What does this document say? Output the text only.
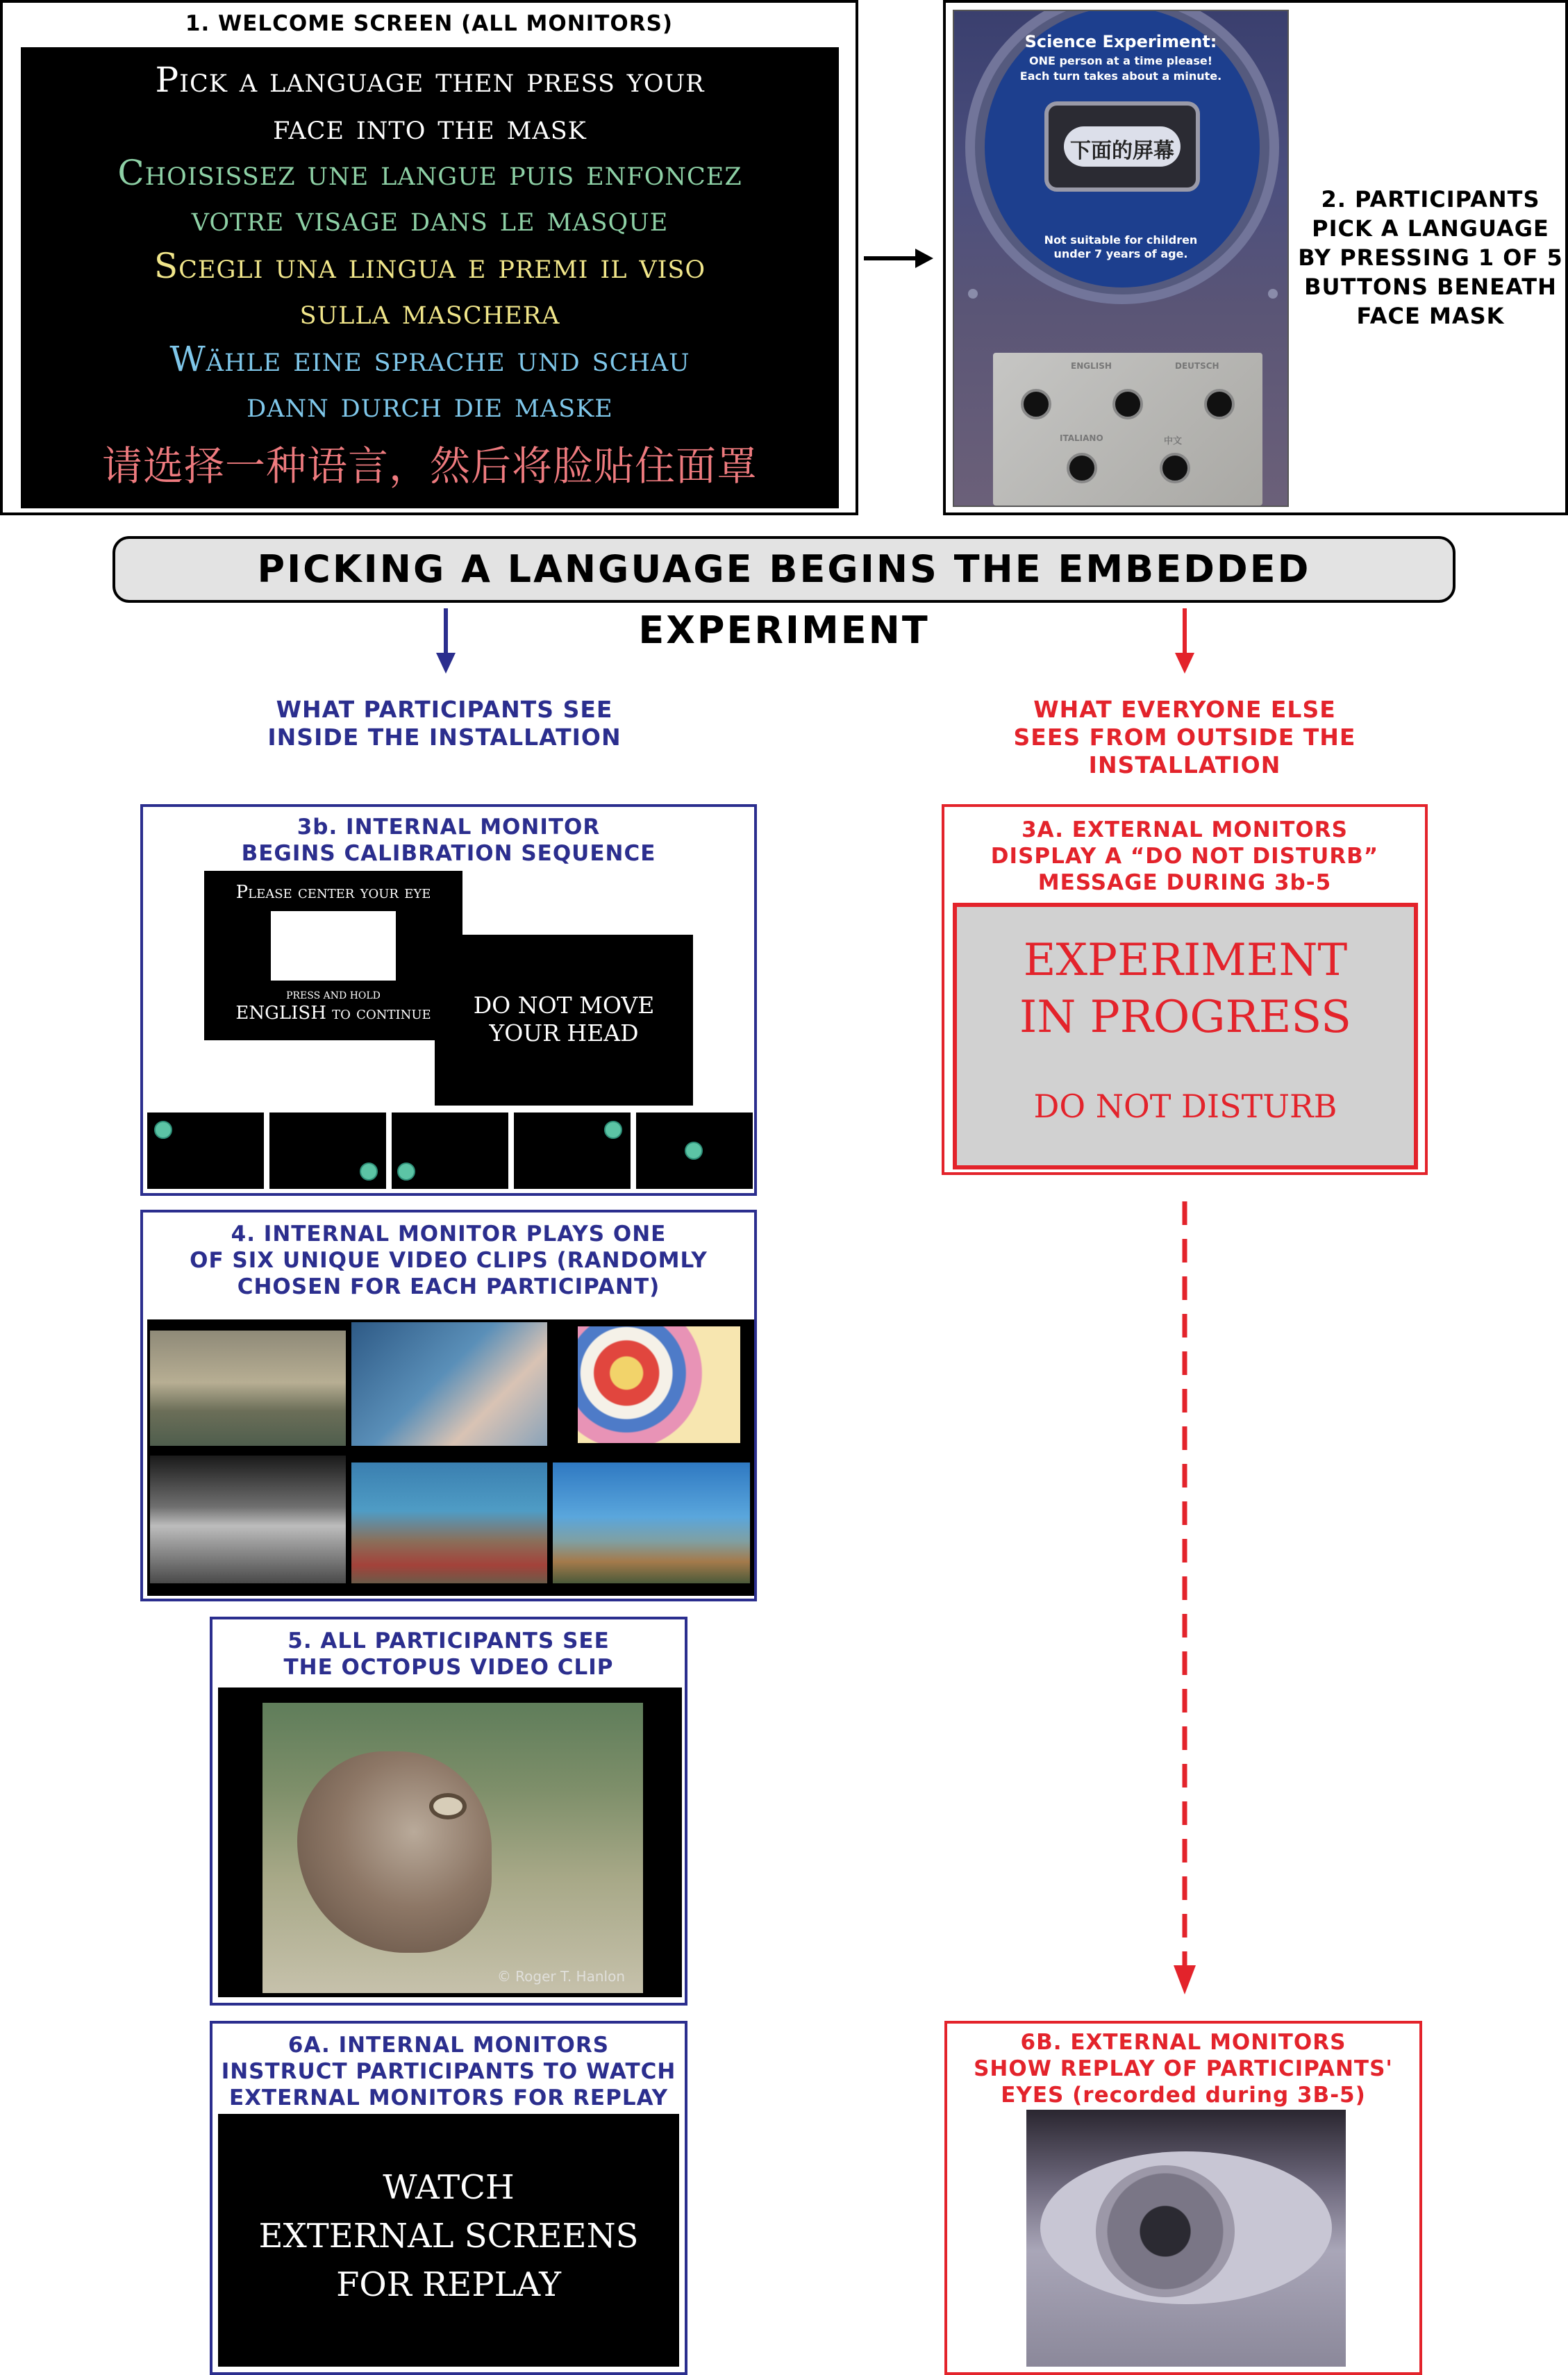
1. WELCOME SCREEN (ALL MONITORS)
Pick a language then press your
face into the mask
Choisissez une langue puis enfoncez
votre visage dans le masque
Scegli una lingua e premi il viso
sulla maschera
Wähle eine sprache und schau
dann durch die maske
请选择一种语言，然后将脸贴住面罩
Science Experiment:
ONE person at a time please!
Each turn takes about a minute.
下面的屏幕
Not suitable for children
under 7 years of age.
ENGLISH	DEUTSCH
ITALIANO	中文
2. PARTICIPANTS
PICK A LANGUAGE
BY PRESSING 1 OF 5
BUTTONS BENEATH
FACE MASK
PICKING A LANGUAGE BEGINS THE EMBEDDED EXPERIMENT
WHAT PARTICIPANTS SEE
INSIDE THE INSTALLATION
WHAT EVERYONE ELSE
SEES FROM OUTSIDE THE
INSTALLATION
3b. INTERNAL MONITOR
BEGINS CALIBRATION SEQUENCE
Please center your eye
PRESS AND HOLD
ENGLISH to continue	DO NOT MOVE
YOUR HEAD
3A. EXTERNAL MONITORS
DISPLAY A “DO NOT DISTURB”
MESSAGE DURING 3b-5
EXPERIMENT
IN PROGRESS
DO NOT DISTURB
4. INTERNAL MONITOR PLAYS ONE
OF SIX UNIQUE VIDEO CLIPS (RANDOMLY
CHOSEN FOR EACH PARTICIPANT)
5. ALL PARTICIPANTS SEE
THE OCTOPUS VIDEO CLIP
© Roger T. Hanlon
6A. INTERNAL MONITORS
INSTRUCT PARTICIPANTS TO WATCH
EXTERNAL MONITORS FOR REPLAY
WATCH
EXTERNAL SCREENS
FOR REPLAY
6B. EXTERNAL MONITORS
SHOW REPLAY OF PARTICIPANTS'
EYES (recorded during 3B-5)
